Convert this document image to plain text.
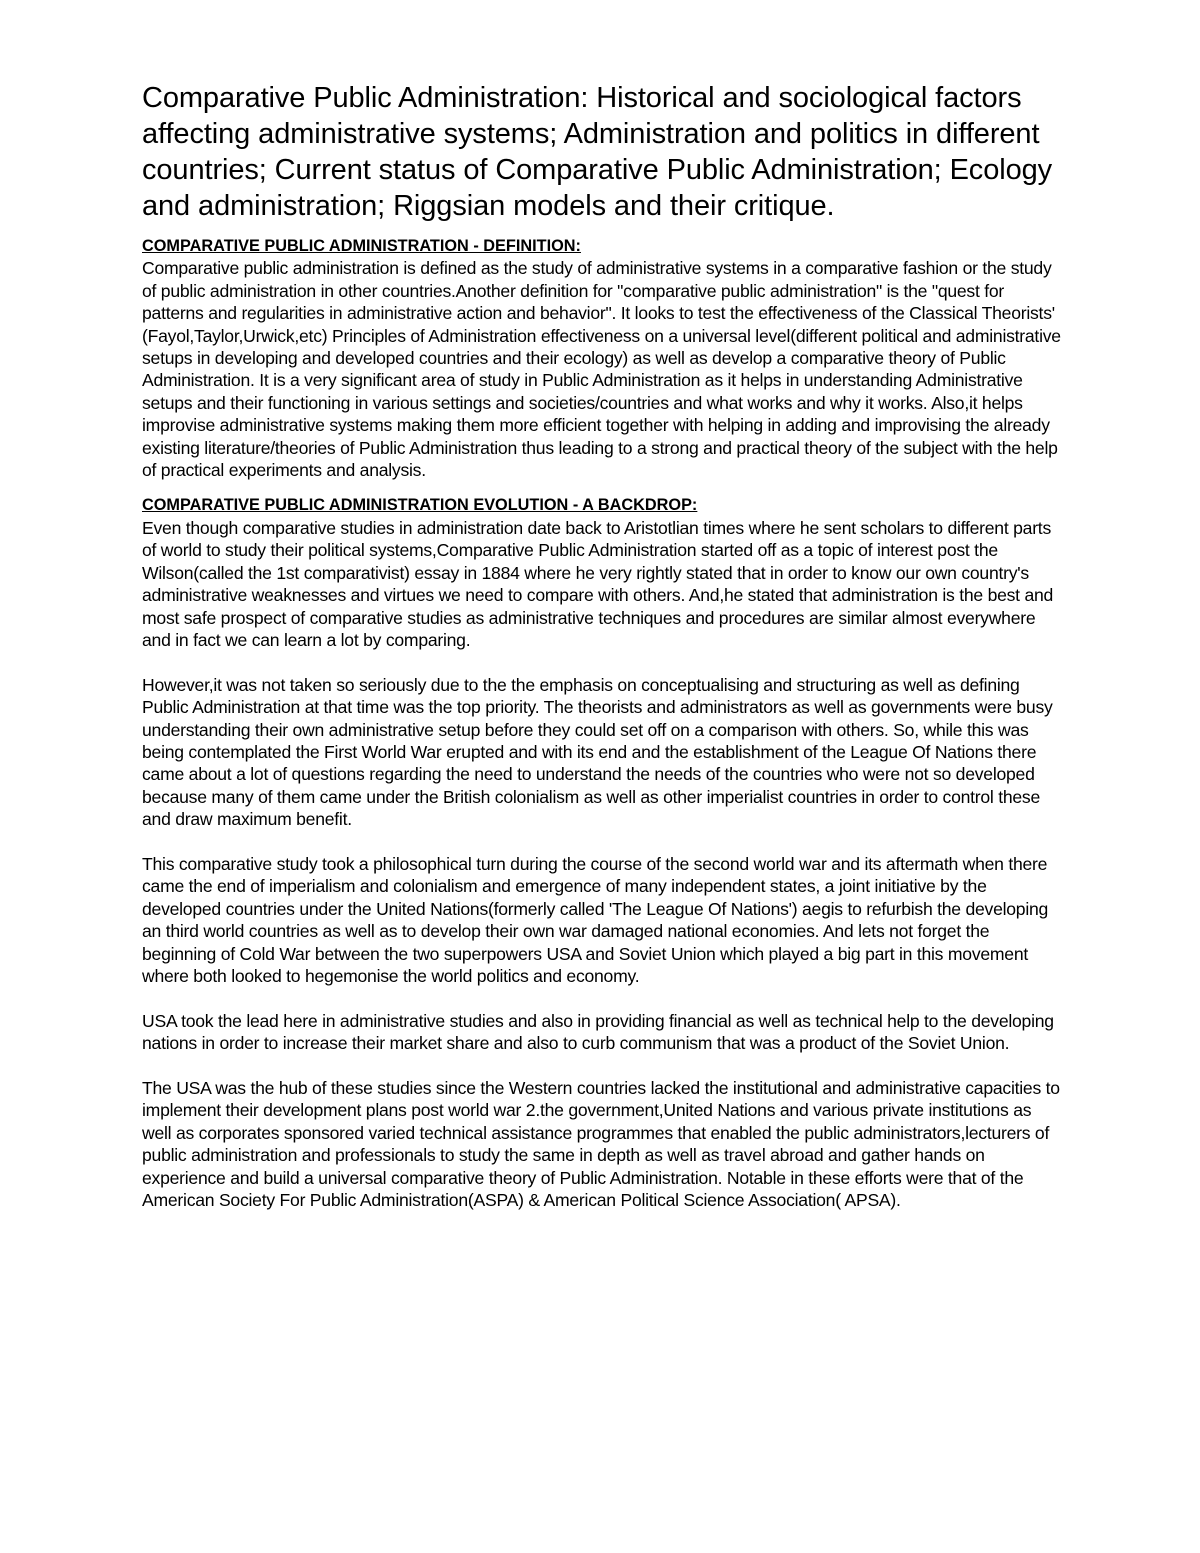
Comparative Public Administration: Historical and sociological factors affecting administrative systems; Administration and politics in different countries; Current status of Comparative Public Administration; Ecology and administration; Riggsian models and their critique.

COMPARATIVE PUBLIC ADMINISTRATION - DEFINITION:

Comparative public administration is defined as the study of administrative systems in a comparative fashion or the study of public administration in other countries.Another definition for "comparative public administration" is the "quest for patterns and regularities in administrative action and behavior". It looks to test the effectiveness of the Classical Theorists' (Fayol,Taylor,Urwick,etc) Principles of Administration effectiveness on a universal level(different political and administrative setups in developing and developed countries and their ecology) as well as develop a comparative theory of Public Administration. It is a very significant area of study in Public Administration as it helps in understanding Administrative setups and their functioning in various settings and societies/countries and what works and why it works. Also,it helps improvise administrative systems making them more efficient together with helping in adding and improvising the already existing literature/theories of Public Administration thus leading to a strong and practical theory of the subject with the help of practical experiments and analysis.

COMPARATIVE PUBLIC ADMINISTRATION EVOLUTION - A BACKDROP:

Even though comparative studies in administration date back to Aristotlian times where he sent scholars to different parts of world to study their political systems,Comparative Public Administration started off as a topic of interest post the Wilson(called the 1st comparativist) essay in 1884 where he very rightly stated that in order to know our own country's administrative weaknesses and virtues we need to compare with others. And,he stated that administration is the best and most safe prospect of comparative studies as administrative techniques and procedures are similar almost everywhere and in fact we can learn a lot by comparing.

However,it was not taken so seriously due to the the emphasis on conceptualising and structuring as well as defining Public Administration at that time was the top priority. The theorists and administrators as well as governments were busy understanding their own administrative setup before they could set off on a comparison with others. So, while this was being contemplated the First World War erupted and with its end and the establishment of the League Of Nations there came about a lot of questions regarding the need to understand the needs of the countries who were not so developed because many of them came under the British colonialism as well as other imperialist countries in order to control these and draw maximum benefit.

This comparative study took a philosophical turn during the course of the second world war and its aftermath when there came the end of imperialism and colonialism and emergence of many independent states, a joint initiative by the developed countries under the United Nations(formerly called 'The League Of Nations') aegis to refurbish the developing an third world countries as well as to develop their own war damaged national economies. And lets not forget the beginning of Cold War between the two superpowers USA and Soviet Union which played a big part in this movement where both looked to hegemonise the world politics and economy.

USA took the lead here in administrative studies and also in providing financial as well as technical help to the developing nations in order to increase their market share and also to curb communism that was a product of the Soviet Union.

The USA was the hub of these studies since the Western countries lacked the institutional and administrative capacities to implement their development plans post world war 2.the government,United Nations and various private institutions as well as corporates sponsored varied technical assistance programmes that enabled the public administrators,lecturers of public administration and professionals to study the same in depth as well as travel abroad and gather hands on experience and build a universal comparative theory of Public Administration. Notable in these efforts were that of the American Society For Public Administration(ASPA) & American Political Science Association( APSA).
